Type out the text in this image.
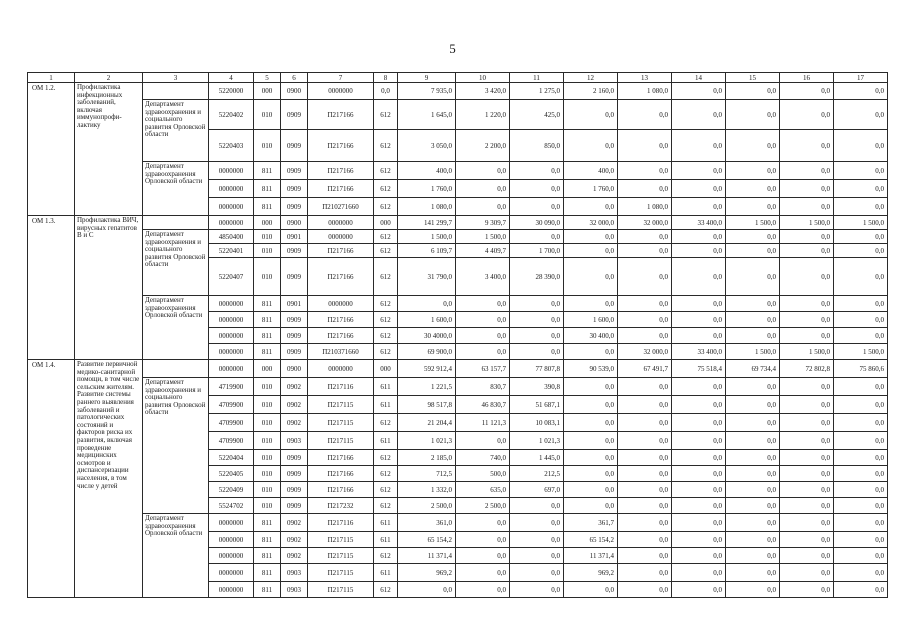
5
1	2	3	4	5	6	7	8	9	10	11	12	13	14	15	16	17
ОМ 1.2.	Профилактика инфекционных заболеваний, включая иммунопрофи-лактику		5220000	000	0900	0000000	0,0	7 935,0	3 420,0	1 275,0	2 160,0	1 080,0	0,0	0,0	0,0	0,0
		Департамент здравоохранения и социального развития Орловской области	5220402	010	0909	П217166	612	1 645,0	1 220,0	425,0	0,0	0,0	0,0	0,0	0,0	0,0
			5220403	010	0909	П217166	612	3 050,0	2 200,0	850,0	0,0	0,0	0,0	0,0	0,0	0,0
		Департамент здравоохранения Орловской области	0000000	811	0909	П217166	612	400,0	0,0	0,0	400,0	0,0	0,0	0,0	0,0	0,0
			0000000	811	0909	П217166	612	1 760,0	0,0	0,0	1 760,0	0,0	0,0	0,0	0,0	0,0
			0000000	811	0909	П210271660	612	1 080,0	0,0	0,0	0,0	1 080,0	0,0	0,0	0,0	0,0
ОМ 1.3.	Профилактика ВИЧ, вирусных гепатитов В и С		0000000	000	0900	0000000	000	141 299,7	9 309,7	30 090,0	32 000,0	32 000,0	33 400,0	1 500,0	1 500,0	1 500,0
		Департамент здравоохранения и социального развития Орловской области	4850400	010	0901	0000000	612	1 500,0	1 500,0	0,0	0,0	0,0	0,0	0,0	0,0	0,0
			5220401	010	0909	П217166	612	6 109,7	4 409,7	1 700,0	0,0	0,0	0,0	0,0	0,0	0,0
			5220407	010	0909	П217166	612	31 790,0	3 400,0	28 390,0	0,0	0,0	0,0	0,0	0,0	0,0
		Департамент здравоохранения Орловской области	0000000	811	0901	0000000	612	0,0	0,0	0,0	0,0	0,0	0,0	0,0	0,0	0,0
			0000000	811	0909	П217166	612	1 600,0	0,0	0,0	1 600,0	0,0	0,0	0,0	0,0	0,0
			0000000	811	0909	П217166	612	30 4000,0	0,0	0,0	30 400,0	0,0	0,0	0,0	0,0	0,0
			0000000	811	0909	П210371660	612	69 900,0	0,0	0,0	0,0	32 000,0	33 400,0	1 500,0	1 500,0	1 500,0
ОМ 1.4.	Развитие первичной медико-санитарной помощи, в том числе сельским жителям. Развитие системы раннего выявления заболеваний и патологических состояний и факторов риска их развития, включая проведение медицинских осмотров и диспансеризации населения, в том числе у детей		0000000	000	0900	0000000	000	592 912,4	63 157,7	77 807,8	90 539,0	67 491,7	75 518,4	69 734,4	72 802,8	75 860,6
		Департамент здравоохранения и социального развития Орловской области	4719900	010	0902	П217116	611	1 221,5	830,7	390,8	0,0	0,0	0,0	0,0	0,0	0,0
			4709900	010	0902	П217115	611	98 517,8	46 830,7	51 687,1	0,0	0,0	0,0	0,0	0,0	0,0
			4709900	010	0902	П217115	612	21 204,4	11 121,3	10 083,1	0,0	0,0	0,0	0,0	0,0	0,0
			4709900	010	0903	П217115	611	1 021,3	0,0	1 021,3	0,0	0,0	0,0	0,0	0,0	0,0
			5220404	010	0909	П217166	612	2 185,0	740,0	1 445,0	0,0	0,0	0,0	0,0	0,0	0,0
			5220405	010	0909	П217166	612	712,5	500,0	212,5	0,0	0,0	0,0	0,0	0,0	0,0
			5220409	010	0909	П217166	612	1 332,0	635,0	697,0	0,0	0,0	0,0	0,0	0,0	0,0
			5524702	010	0909	П217232	612	2 500,0	2 500,0	0,0	0,0	0,0	0,0	0,0	0,0	0,0
		Департамент здравоохранения Орловской области	0000000	811	0902	П217116	611	361,0	0,0	0,0	361,7	0,0	0,0	0,0	0,0	0,0
			0000000	811	0902	П217115	611	65 154,2	0,0	0,0	65 154,2	0,0	0,0	0,0	0,0	0,0
			0000000	811	0902	П217115	612	11 371,4	0,0	0,0	11 371,4	0,0	0,0	0,0	0,0	0,0
			0000000	811	0903	П217115	611	969,2	0,0	0,0	969,2	0,0	0,0	0,0	0,0	0,0
			0000000	811	0903	П217115	612	0,0	0,0	0,0	0,0	0,0	0,0	0,0	0,0	0,0
